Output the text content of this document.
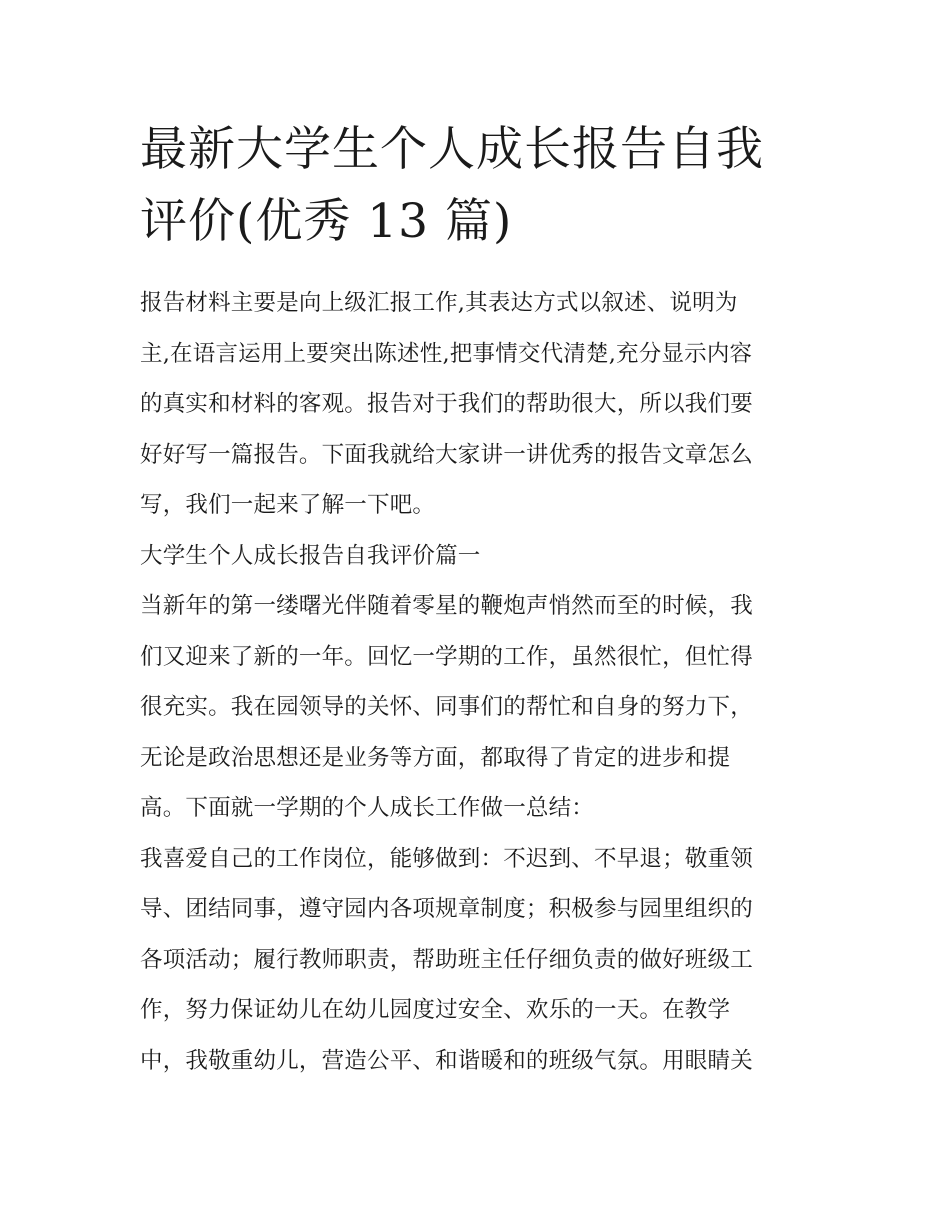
最新大学生个人成长报告自我
评价(优秀 13 篇)
报告材料主要是向上级汇报工作,其表达方式以叙述、说明为
主,在语言运用上要突出陈述性,把事情交代清楚,充分显示内容
的真实和材料的客观。报告对于我们的帮助很大，所以我们要
好好写一篇报告。下面我就给大家讲一讲优秀的报告文章怎么
写，我们一起来了解一下吧。
大学生个人成长报告自我评价篇一
当新年的第一缕曙光伴随着零星的鞭炮声悄然而至的时候，我
们又迎来了新的一年。回忆一学期的工作，虽然很忙，但忙得
很充实。我在园领导的关怀、同事们的帮忙和自身的努力下，
无论是政治思想还是业务等方面，都取得了肯定的进步和提
高。下面就一学期的个人成长工作做一总结：
我喜爱自己的工作岗位，能够做到：不迟到、不早退；敬重领
导、团结同事，遵守园内各项规章制度；积极参与园里组织的
各项活动；履行教师职责，帮助班主任仔细负责的做好班级工
作，努力保证幼儿在幼儿园度过安全、欢乐的一天。在教学
中，我敬重幼儿，营造公平、和谐暖和的班级气氛。用眼睛关
